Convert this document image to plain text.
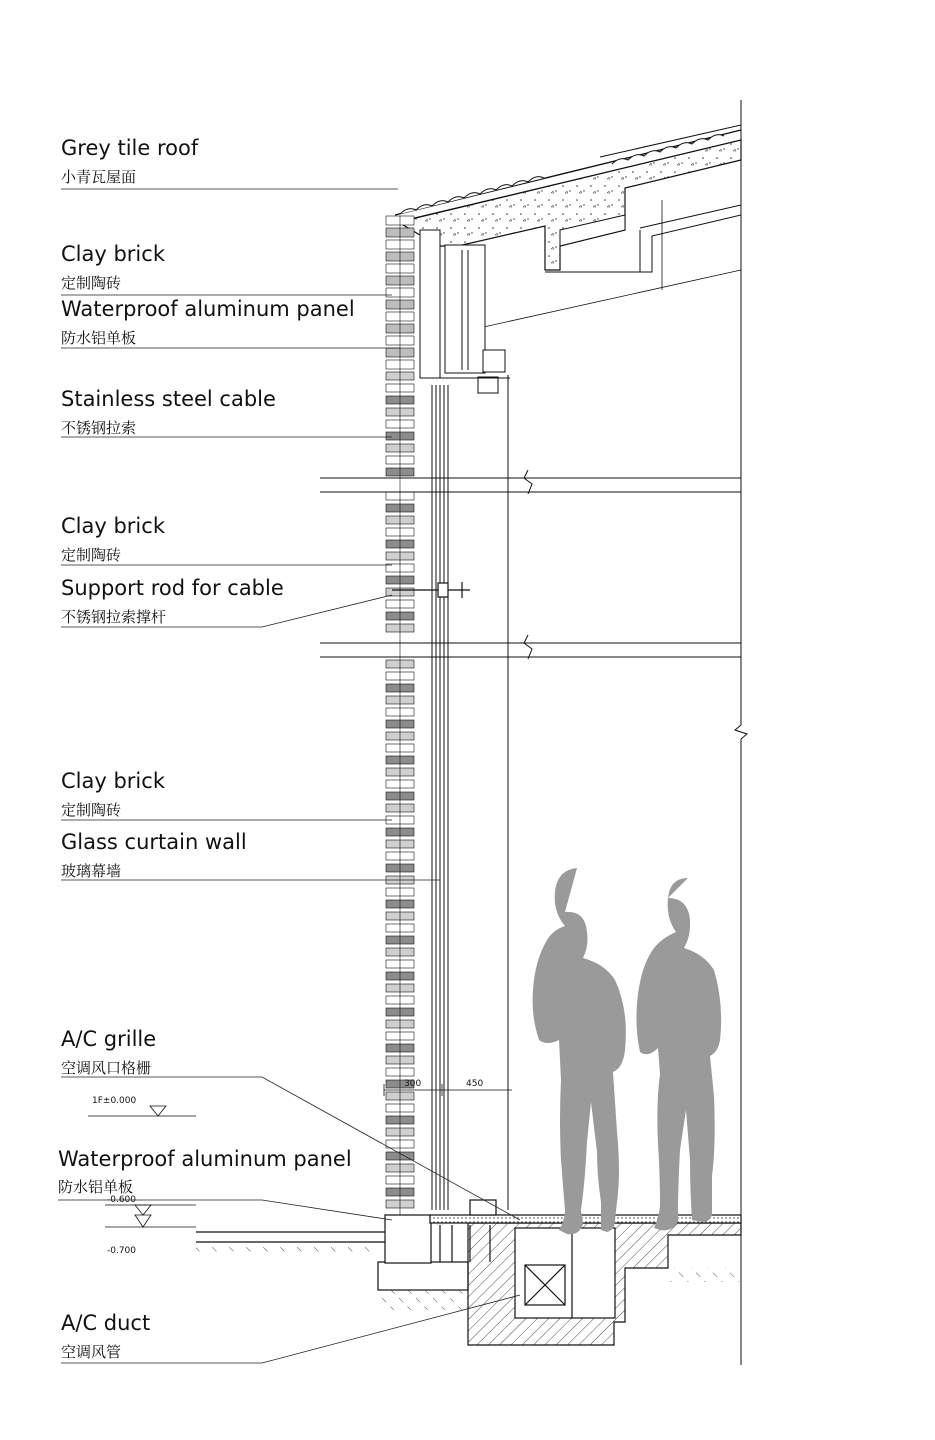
300	450
1F±0.000
-0.600
-0.700
Grey tile roof
小青瓦屋面
Clay brick
定制陶砖
Waterproof aluminum panel
防水铝单板
Stainless steel cable
不锈钢拉索
Clay brick
定制陶砖
Support rod for cable
不锈钢拉索撑杆
Clay brick
定制陶砖
Glass curtain wall
玻璃幕墙
A/C grille
空调风口格栅
Waterproof aluminum panel
防水铝单板
A/C duct
空调风管
